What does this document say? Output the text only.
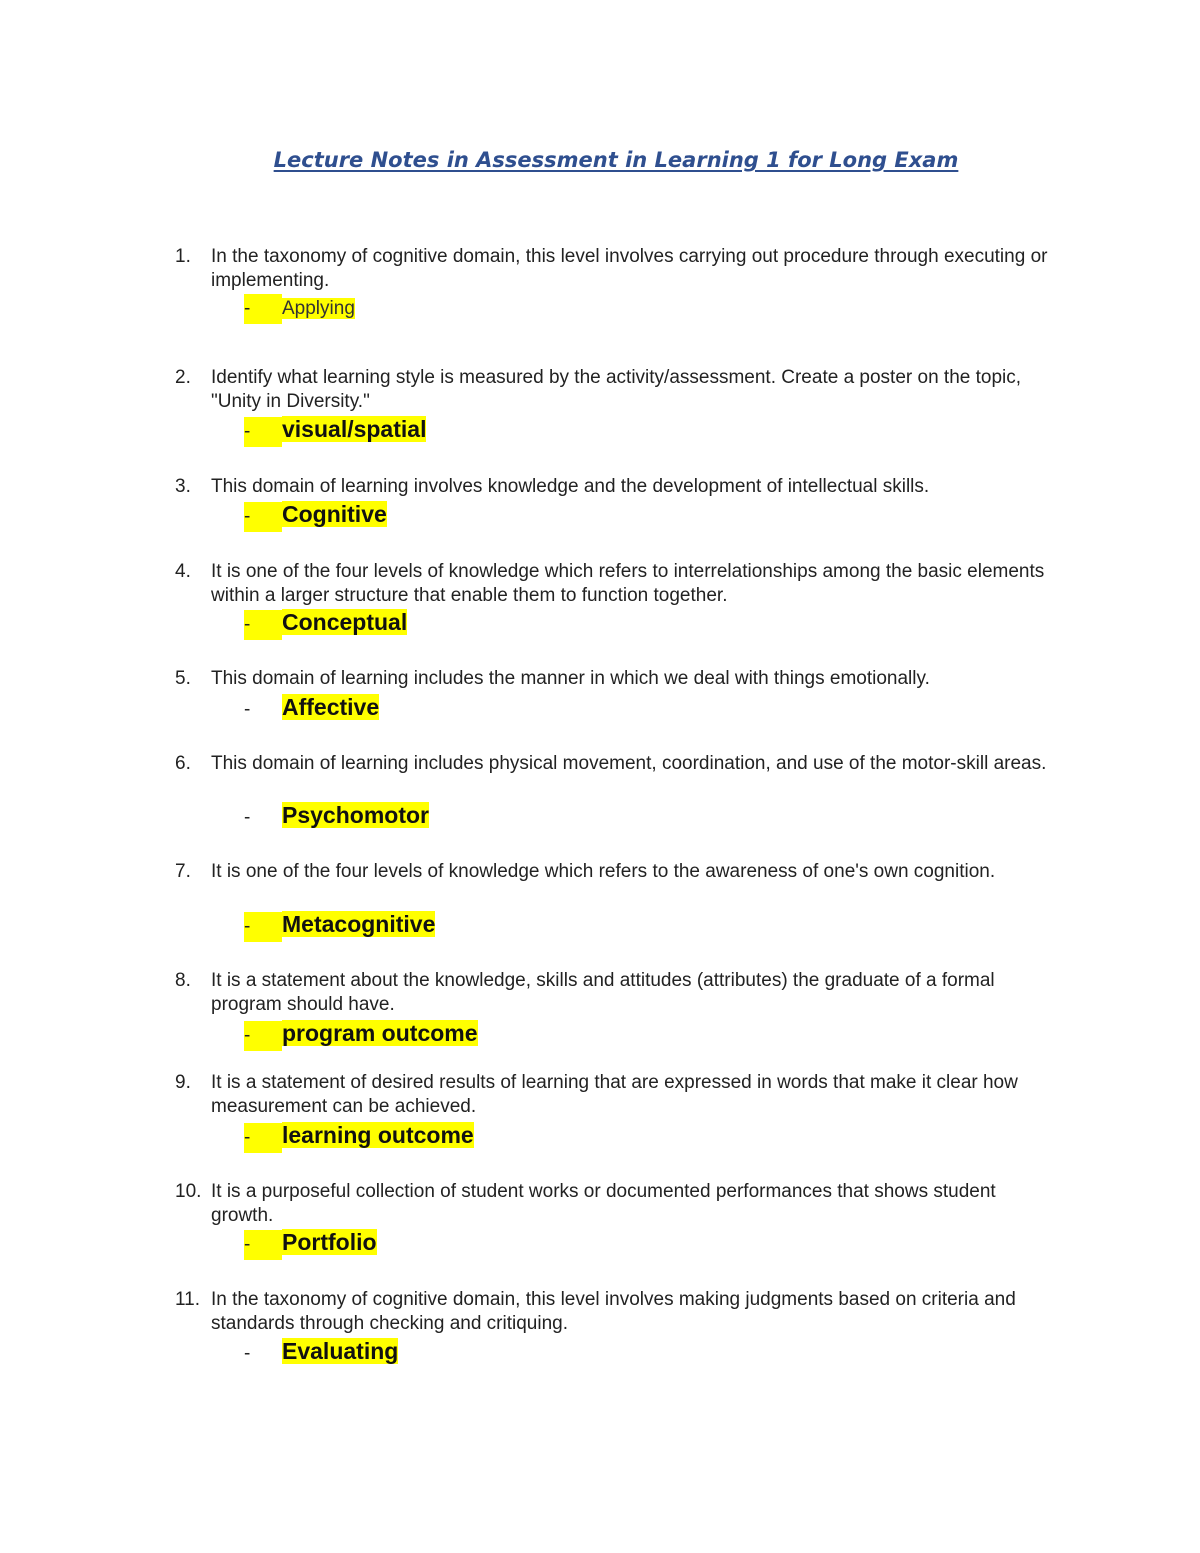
Lecture Notes in Assessment in Learning 1 for Long Exam
1. In the taxonomy of cognitive domain, this level involves carrying out procedure through executing or implementing.

- Applying
2. Identify what learning style is measured by the activity/assessment. Create a poster on the topic, "Unity in Diversity."

- visual/spatial
3. This domain of learning involves knowledge and the development of intellectual skills.

- Cognitive
4. It is one of the four levels of knowledge which refers to interrelationships among the basic elements within a larger structure that enable them to function together.

- Conceptual
5. This domain of learning includes the manner in which we deal with things emotionally.

- Affective
6. This domain of learning includes physical movement, coordination, and use of the motor-skill areas.

- Psychomotor
7. It is one of the four levels of knowledge which refers to the awareness of one's own cognition.

- Metacognitive
8. It is a statement about the knowledge, skills and attitudes (attributes) the graduate of a formal program should have.

- program outcome
9. It is a statement of desired results of learning that are expressed in words that make it clear how measurement can be achieved.

- learning outcome
10. It is a purposeful collection of student works or documented performances that shows student growth.

- Portfolio
11. In the taxonomy of cognitive domain, this level involves making judgments based on criteria and standards through checking and critiquing.

- Evaluating
